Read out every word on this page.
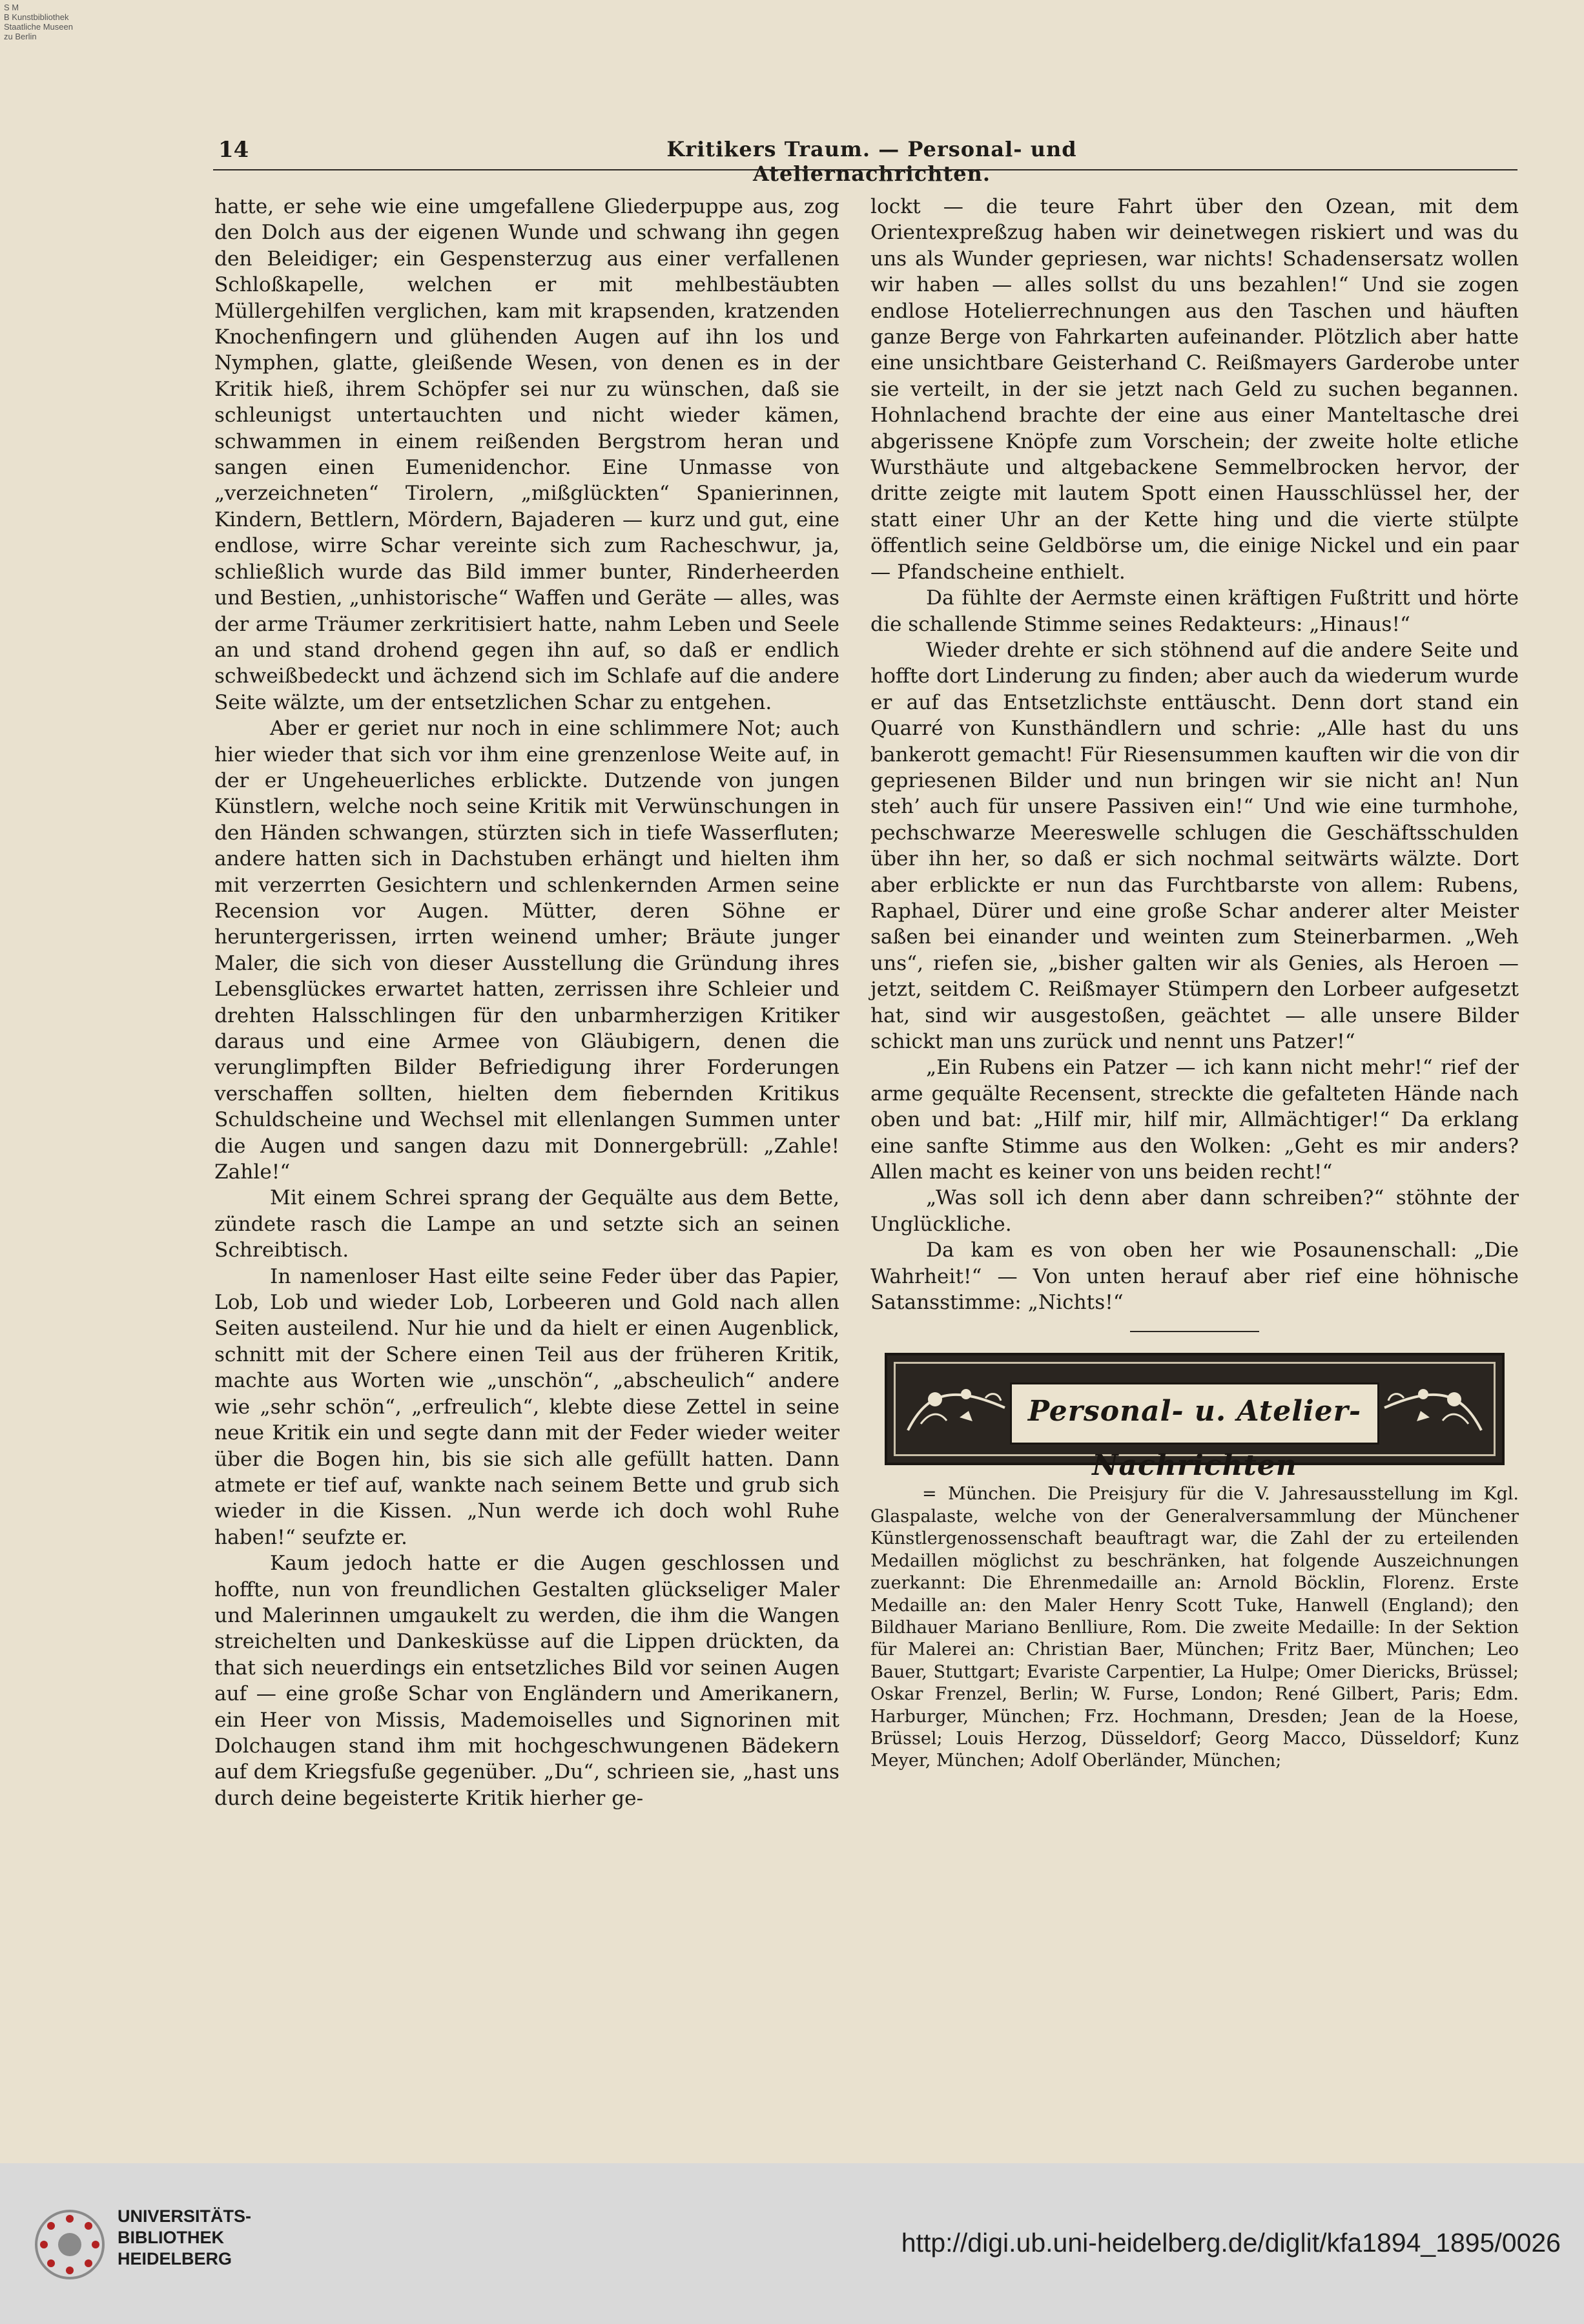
S M
B Kunstbibliothek
Staatliche Museen
zu Berlin
14	Kritikers Traum. — Personal- und Ateliernachrichten.

hatte, er sehe wie eine umgefallene Gliederpuppe aus, zog den Dolch aus der eigenen Wunde und schwang ihn gegen den Beleidiger; ein Gespensterzug aus einer verfallenen Schloßkapelle, welchen er mit mehlbestäubten Müllergehilfen verglichen, kam mit krapsenden, kratzenden Knochenfingern und glühenden Augen auf ihn los und Nymphen, glatte, gleißende Wesen, von denen es in der Kritik hieß, ihrem Schöpfer sei nur zu wünschen, daß sie schleunigst untertauchten und nicht wieder kämen, schwammen in einem reißenden Bergstrom heran und sangen einen Eumenidenchor. Eine Unmasse von „verzeichneten“ Tirolern, „mißglückten“ Spanierinnen, Kindern, Bettlern, Mördern, Bajaderen — kurz und gut, eine endlose, wirre Schar vereinte sich zum Racheschwur, ja, schließlich wurde das Bild immer bunter, Rinderheerden und Bestien, „unhistorische“ Waffen und Geräte — alles, was der arme Träumer zerkritisiert hatte, nahm Leben und Seele an und stand drohend gegen ihn auf, so daß er endlich schweißbedeckt und ächzend sich im Schlafe auf die andere Seite wälzte, um der entsetzlichen Schar zu entgehen.

Aber er geriet nur noch in eine schlimmere Not; auch hier wieder that sich vor ihm eine grenzenlose Weite auf, in der er Ungeheuerliches erblickte. Dutzende von jungen Künstlern, welche noch seine Kritik mit Verwünschungen in den Händen schwangen, stürzten sich in tiefe Wasserfluten; andere hatten sich in Dachstuben erhängt und hielten ihm mit verzerrten Gesichtern und schlenkernden Armen seine Recension vor Augen. Mütter, deren Söhne er heruntergerissen, irrten weinend umher; Bräute junger Maler, die sich von dieser Ausstellung die Gründung ihres Lebensglückes erwartet hatten, zerrissen ihre Schleier und drehten Halsschlingen für den unbarmherzigen Kritiker daraus und eine Armee von Gläubigern, denen die verunglimpften Bilder Befriedigung ihrer Forderungen verschaffen sollten, hielten dem fiebernden Kritikus Schuldscheine und Wechsel mit ellenlangen Summen unter die Augen und sangen dazu mit Donnergebrüll: „Zahle! Zahle!“

Mit einem Schrei sprang der Gequälte aus dem Bette, zündete rasch die Lampe an und setzte sich an seinen Schreibtisch.

In namenloser Hast eilte seine Feder über das Papier, Lob, Lob und wieder Lob, Lorbeeren und Gold nach allen Seiten austeilend. Nur hie und da hielt er einen Augenblick, schnitt mit der Schere einen Teil aus der früheren Kritik, machte aus Worten wie „unschön“, „abscheulich“ andere wie „sehr schön“, „erfreulich“, klebte diese Zettel in seine neue Kritik ein und segte dann mit der Feder wieder weiter über die Bogen hin, bis sie sich alle gefüllt hatten. Dann atmete er tief auf, wankte nach seinem Bette und grub sich wieder in die Kissen. „Nun werde ich doch wohl Ruhe haben!“ seufzte er.

Kaum jedoch hatte er die Augen geschlossen und hoffte, nun von freundlichen Gestalten glückseliger Maler und Malerinnen umgaukelt zu werden, die ihm die Wangen streichelten und Dankesküsse auf die Lippen drückten, da that sich neuerdings ein entsetzliches Bild vor seinen Augen auf — eine große Schar von Engländern und Amerikanern, ein Heer von Missis, Mademoiselles und Signorinen mit Dolchaugen stand ihm mit hochgeschwungenen Bädekern auf dem Kriegsfuße gegenüber. „Du“, schrieen sie, „hast uns durch deine begeisterte Kritik hierher ge-

lockt — die teure Fahrt über den Ozean, mit dem Orientexpreßzug haben wir deinetwegen riskiert und was du uns als Wunder gepriesen, war nichts! Schadensersatz wollen wir haben — alles sollst du uns bezahlen!“ Und sie zogen endlose Hotelierrechnungen aus den Taschen und häuften ganze Berge von Fahrkarten aufeinander. Plötzlich aber hatte eine unsichtbare Geisterhand C. Reißmayers Garderobe unter sie verteilt, in der sie jetzt nach Geld zu suchen begannen. Hohnlachend brachte der eine aus einer Manteltasche drei abgerissene Knöpfe zum Vorschein; der zweite holte etliche Wursthäute und altgebackene Semmelbrocken hervor, der dritte zeigte mit lautem Spott einen Hausschlüssel her, der statt einer Uhr an der Kette hing und die vierte stülpte öffentlich seine Geldbörse um, die einige Nickel und ein paar — Pfandscheine enthielt.

Da fühlte der Aermste einen kräftigen Fußtritt und hörte die schallende Stimme seines Redakteurs: „Hinaus!“

Wieder drehte er sich stöhnend auf die andere Seite und hoffte dort Linderung zu finden; aber auch da wiederum wurde er auf das Entsetzlichste enttäuscht. Denn dort stand ein Quarré von Kunsthändlern und schrie: „Alle hast du uns bankerott gemacht! Für Riesensummen kauften wir die von dir gepriesenen Bilder und nun bringen wir sie nicht an! Nun steh’ auch für unsere Passiven ein!“ Und wie eine turmhohe, pechschwarze Meereswelle schlugen die Geschäftsschulden über ihn her, so daß er sich nochmal seitwärts wälzte. Dort aber erblickte er nun das Furchtbarste von allem: Rubens, Raphael, Dürer und eine große Schar anderer alter Meister saßen bei einander und weinten zum Steinerbarmen. „Weh uns“, riefen sie, „bisher galten wir als Genies, als Heroen — jetzt, seitdem C. Reißmayer Stümpern den Lorbeer aufgesetzt hat, sind wir ausgestoßen, geächtet — alle unsere Bilder schickt man uns zurück und nennt uns Patzer!“

„Ein Rubens ein Patzer — ich kann nicht mehr!“ rief der arme gequälte Recensent, streckte die gefalteten Hände nach oben und bat: „Hilf mir, hilf mir, Allmächtiger!“ Da erklang eine sanfte Stimme aus den Wolken: „Geht es mir anders? Allen macht es keiner von uns beiden recht!“

„Was soll ich denn aber dann schreiben?“ stöhnte der Unglückliche.

Da kam es von oben her wie Posaunenschall: „Die Wahrheit!“ — Von unten herauf aber rief eine höhnische Satansstimme: „Nichts!“

Personal- u. Atelier-Nachrichten

= München. Die Preisjury für die V. Jahresausstellung im Kgl. Glaspalaste, welche von der Generalversammlung der Münchener Künstlergenossenschaft beauftragt war, die Zahl der zu erteilenden Medaillen möglichst zu beschränken, hat folgende Auszeichnungen zuerkannt: Die Ehrenmedaille an: Arnold Böcklin, Florenz. Erste Medaille an: den Maler Henry Scott Tuke, Hanwell (England); den Bildhauer Mariano Benlliure, Rom. Die zweite Medaille: In der Sektion für Malerei an: Christian Baer, München; Fritz Baer, München; Leo Bauer, Stuttgart; Evariste Carpentier, La Hulpe; Omer Diericks, Brüssel; Oskar Frenzel, Berlin; W. Furse, London; René Gilbert, Paris; Edm. Harburger, München; Frz. Hochmann, Dresden; Jean de la Hoese, Brüssel; Louis Herzog, Düsseldorf; Georg Macco, Düsseldorf; Kunz Meyer, München; Adolf Oberländer, München;

UNIVERSITÄTS-
BIBLIOTHEK
HEIDELBERG
http://digi.ub.uni-heidelberg.de/diglit/kfa1894_1895/0026
